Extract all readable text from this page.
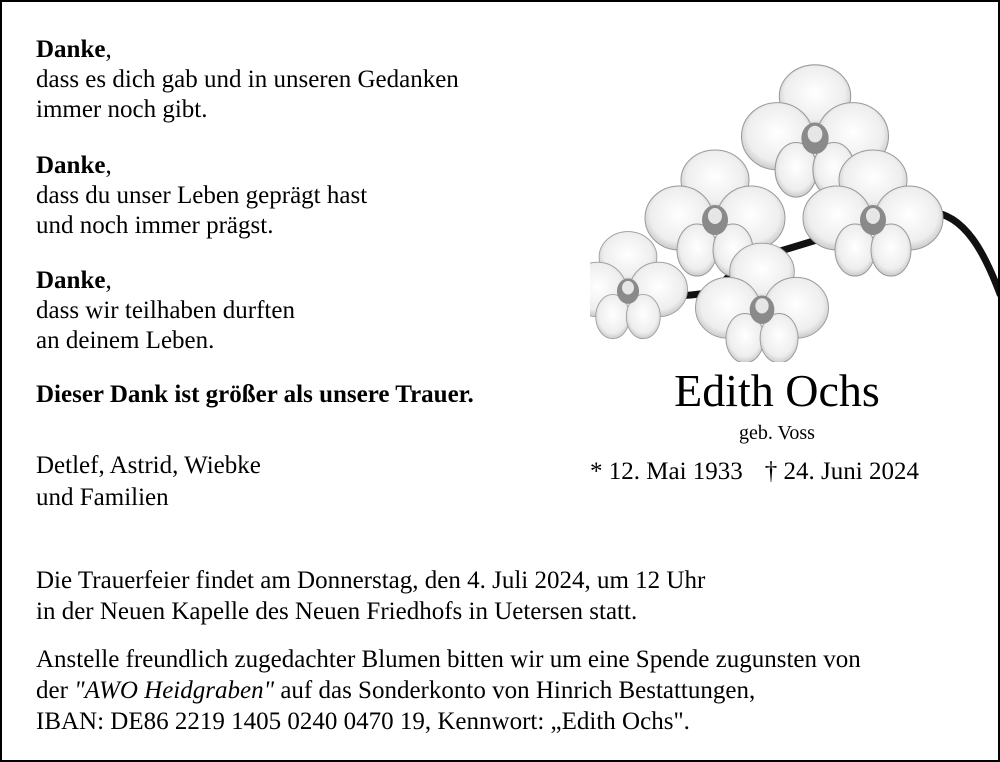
Danke,
dass es dich gab und in unseren Gedanken
immer noch gibt.
Danke,
dass du unser Leben geprägt hast
und noch immer prägst.
Danke,
dass wir teilhaben durften
an deinem Leben.
Dieser Dank ist größer als unsere Trauer.
Detlef, Astrid, Wiebke
und Familien
Edith Ochs
geb. Voss
* 12. Mai 1933 † 24. Juni 2024
Die Trauerfeier findet am Donnerstag, den 4. Juli 2024, um 12 Uhr
in der Neuen Kapelle des Neuen Friedhofs in Uetersen statt.
Anstelle freundlich zugedachter Blumen bitten wir um eine Spende zugunsten von
der "AWO Heidgraben" auf das Sonderkonto von Hinrich Bestattungen,
IBAN: DE86 2219 1405 0240 0470 19, Kennwort: „Edith Ochs".
